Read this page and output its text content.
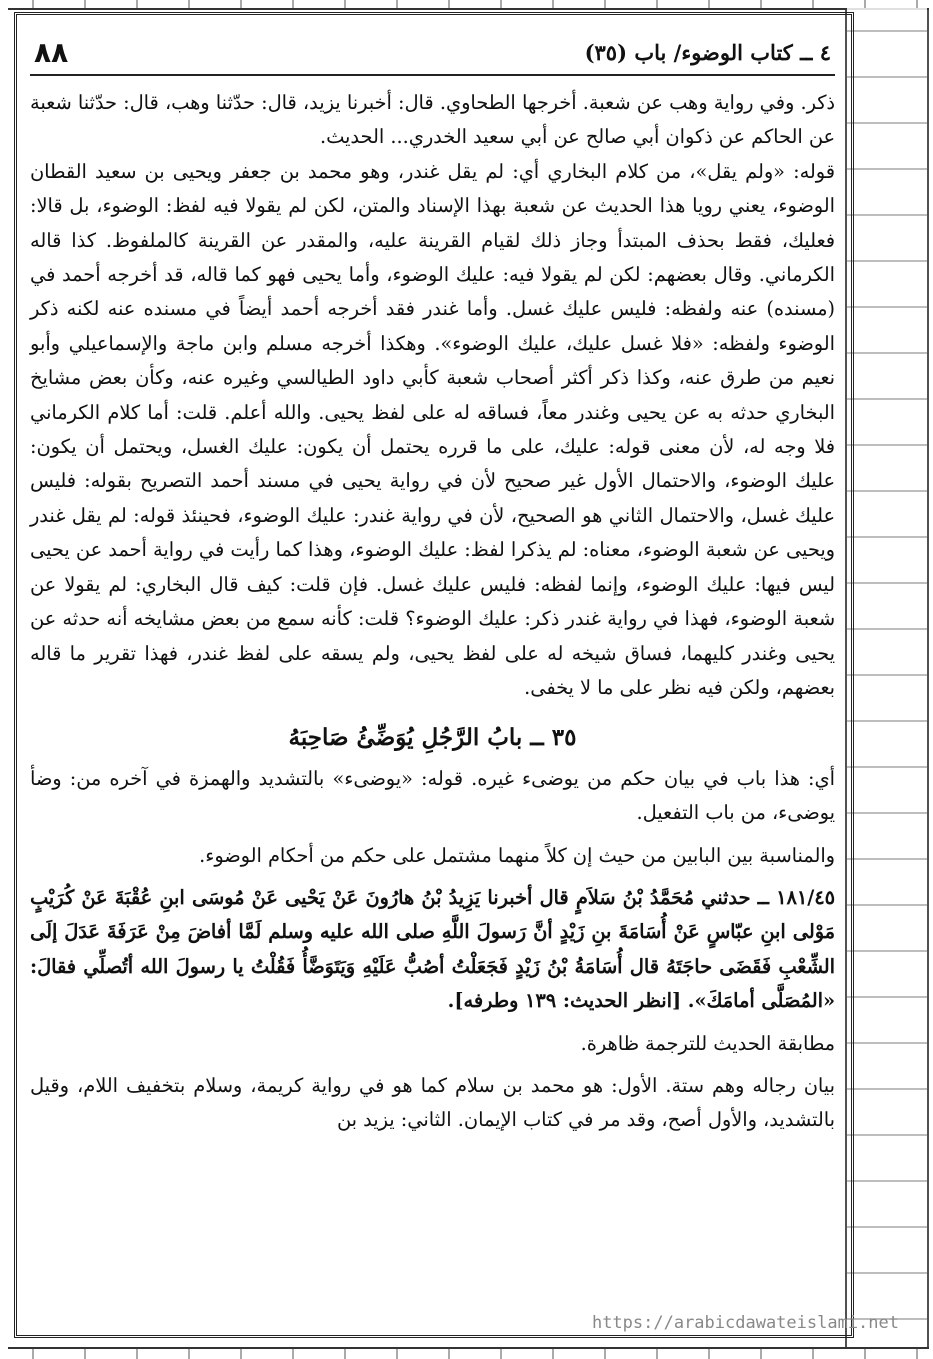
٤ ــ كتاب الوضوء/ باب (٣٥)
٨٨

ذكر. وفي رواية وهب عن شعبة. أخرجها الطحاوي. قال: أخبرنا يزيد، قال: حدّثنا وهب، قال: حدّثنا شعبة عن الحاكم عن ذكوان أبي صالح عن أبي سعيد الخدري... الحديث.

قوله: «ولم يقل»، من كلام البخاري أي: لم يقل غندر، وهو محمد بن جعفر ويحيى بن سعيد القطان الوضوء، يعني رويا هذا الحديث عن شعبة بهذا الإسناد والمتن، لكن لم يقولا فيه لفظ: الوضوء، بل قالا: فعليك، فقط بحذف المبتدأ وجاز ذلك لقيام القرينة عليه، والمقدر عن القرينة كالملفوظ. كذا قاله الكرماني. وقال بعضهم: لكن لم يقولا فيه: عليك الوضوء، وأما يحيى فهو كما قاله، قد أخرجه أحمد في (مسنده) عنه ولفظه: فليس عليك غسل. وأما غندر فقد أخرجه أحمد أيضاً في مسنده عنه لكنه ذكر الوضوء ولفظه: «فلا غسل عليك، عليك الوضوء». وهكذا أخرجه مسلم وابن ماجة والإسماعيلي وأبو نعيم من طرق عنه، وكذا ذكر أكثر أصحاب شعبة كأبي داود الطيالسي وغيره عنه، وكأن بعض مشايخ البخاري حدثه به عن يحيى وغندر معاً، فساقه له على لفظ يحيى. والله أعلم. قلت: أما كلام الكرماني فلا وجه له، لأن معنى قوله: عليك، على ما قرره يحتمل أن يكون: عليك الغسل، ويحتمل أن يكون: عليك الوضوء، والاحتمال الأول غير صحيح لأن في رواية يحيى في مسند أحمد التصريح بقوله: فليس عليك غسل، والاحتمال الثاني هو الصحيح، لأن في رواية غندر: عليك الوضوء، فحينئذ قوله: لم يقل غندر ويحيى عن شعبة الوضوء، معناه: لم يذكرا لفظ: عليك الوضوء، وهذا كما رأيت في رواية أحمد عن يحيى ليس فيها: عليك الوضوء، وإنما لفظه: فليس عليك غسل. فإن قلت: كيف قال البخاري: لم يقولا عن شعبة الوضوء، فهذا في رواية غندر ذكر: عليك الوضوء؟ قلت: كأنه سمع من بعض مشايخه أنه حدثه عن يحيى وغندر كليهما، فساق شيخه له على لفظ يحيى، ولم يسقه على لفظ غندر، فهذا تقرير ما قاله بعضهم، ولكن فيه نظر على ما لا يخفى.

٣٥ ــ بابُ الرَّجُلِ يُوَضِّئُ صَاحِبَهُ

أي: هذا باب في بيان حكم من يوضىء غيره. قوله: «يوضىء» بالتشديد والهمزة في آخره من: وضأ يوضىء، من باب التفعيل.

والمناسبة بين البابين من حيث إن كلاً منهما مشتمل على حكم من أحكام الوضوء.

١٨١/٤٥ ــ حدثني مُحَمَّدُ بْنُ سَلاَمٍ قال أخبرنا يَزِيدُ بْنُ هارُونَ عَنْ يَحْيى عَنْ مُوسَى ابنِ عُقْبَةَ عَنْ كُرَيْبٍ مَوْلى ابنِ عبّاسٍ عَنْ أُسَامَةَ بنِ زَيْدٍ أنَّ رَسولَ اللَّهِ صلى الله عليه وسلم لَمَّا أفاضَ مِنْ عَرَفَةَ عَدَلَ إلَى الشِّعْبِ فَقَضَى حاجَتَهُ قال أُسَامَةُ بْنُ زَيْدٍ فَجَعَلْتُ أصُبُّ عَلَيْهِ وَيَتَوَضَّأُ فَقُلْتُ يا رسولَ الله أتُصلِّي فقالَ: «المُصَلَّى أمامَكَ». [انظر الحديث: ١٣٩ وطرفه].

مطابقة الحديث للترجمة ظاهرة.

بيان رجاله وهم ستة. الأول: هو محمد بن سلام كما هو في رواية كريمة، وسلام بتخفيف اللام، وقيل بالتشديد، والأول أصح، وقد مر في كتاب الإيمان. الثاني: يزيد بن

https://arabicdawateislami.net
